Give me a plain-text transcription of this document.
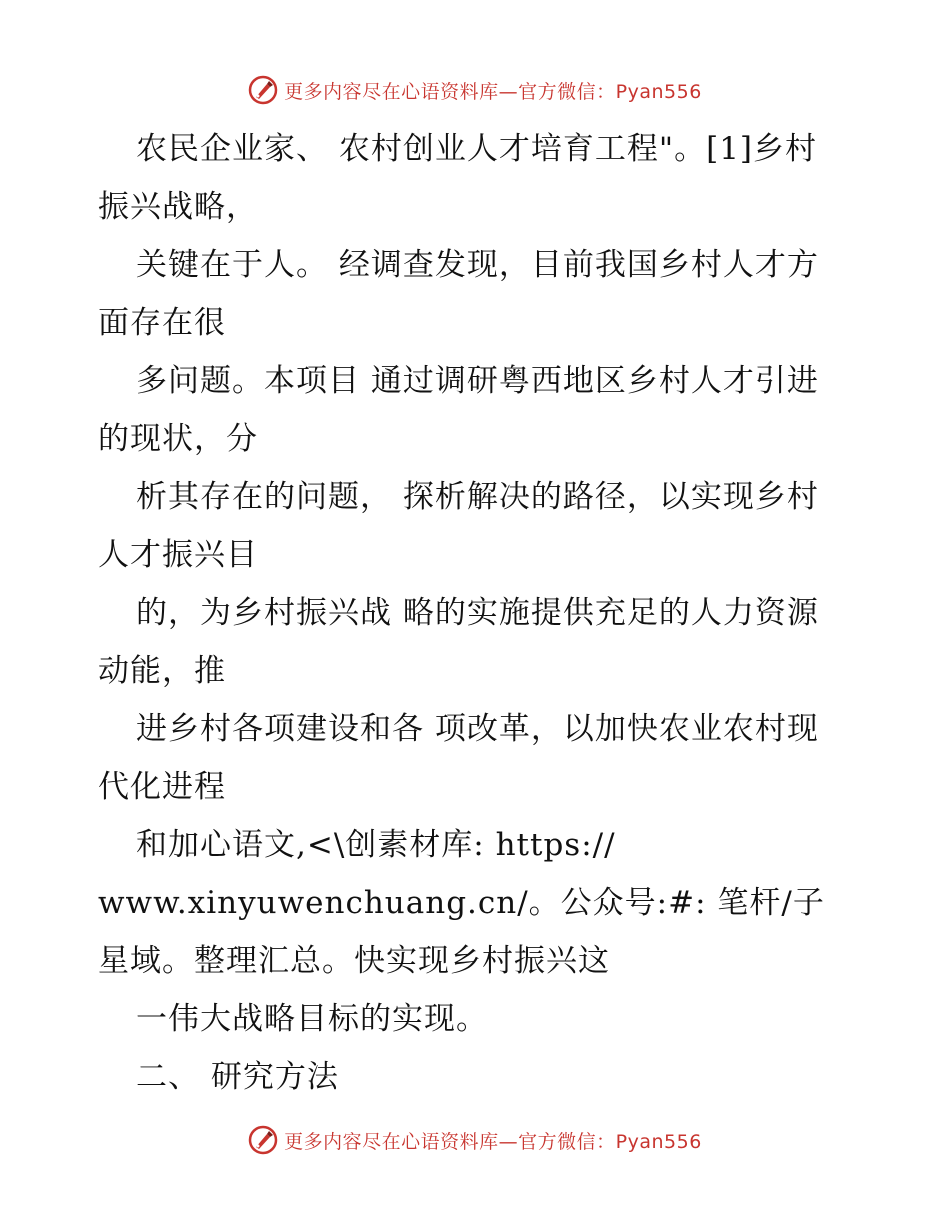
更多内容尽在心语资料库—官方微信：Pyan556

农民企业家、 农村创业人才培育工程"。[1]乡村振兴战略，

关键在于人。 经调查发现，目前我国乡村人才方面存在很

多问题。本项目 通过调研粤西地区乡村人才引进的现状，分

析其存在的问题， 探析解决的路径，以实现乡村人才振兴目

的，为乡村振兴战 略的实施提供充足的人力资源动能，推

进乡村各项建设和各 项改革，以加快农业农村现代化进程

和加心语文,<\创素材库: https://

www.xinyuwenchuang.cn/。公众号:#: 笔杆/子星域。整理汇总。快实现乡村振兴这

一伟大战略目标的实现。

二、 研究方法

更多内容尽在心语资料库—官方微信：Pyan556
